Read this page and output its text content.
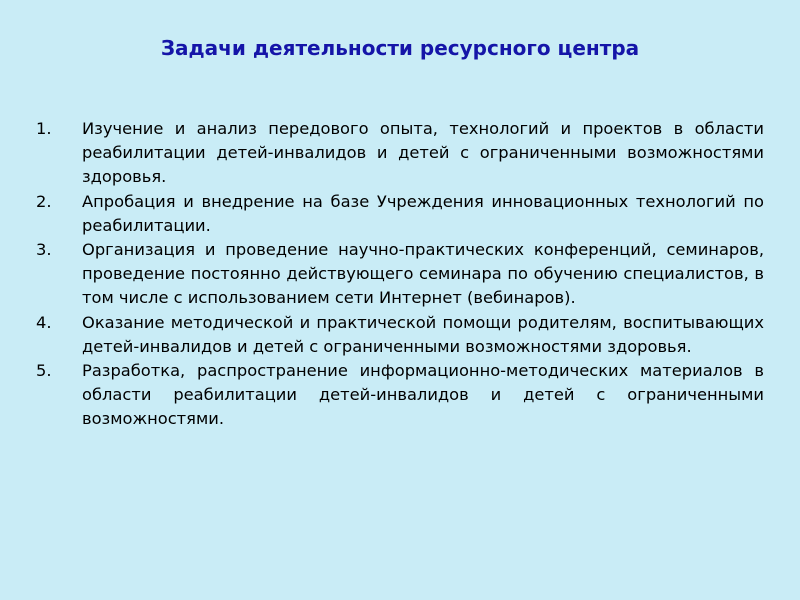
Задачи деятельности ресурсного центра
1. Изучение и анализ передового опыта, технологий и проектов в области реабилитации детей-инвалидов и детей с ограниченными возможностями здоровья.
2. Апробация и внедрение на базе Учреждения инновационных технологий по реабилитации.
3. Организация и проведение научно-практических конференций, семинаров, проведение постоянно действующего семинара по обучению специалистов, в том числе с использованием сети Интернет (вебинаров).
4. Оказание методической и практической помощи родителям, воспитывающих детей-инвалидов и детей с ограниченными возможностями здоровья.
5. Разработка, распространение информационно-методических материалов в области реабилитации детей-инвалидов и детей с ограниченными возможностями.
